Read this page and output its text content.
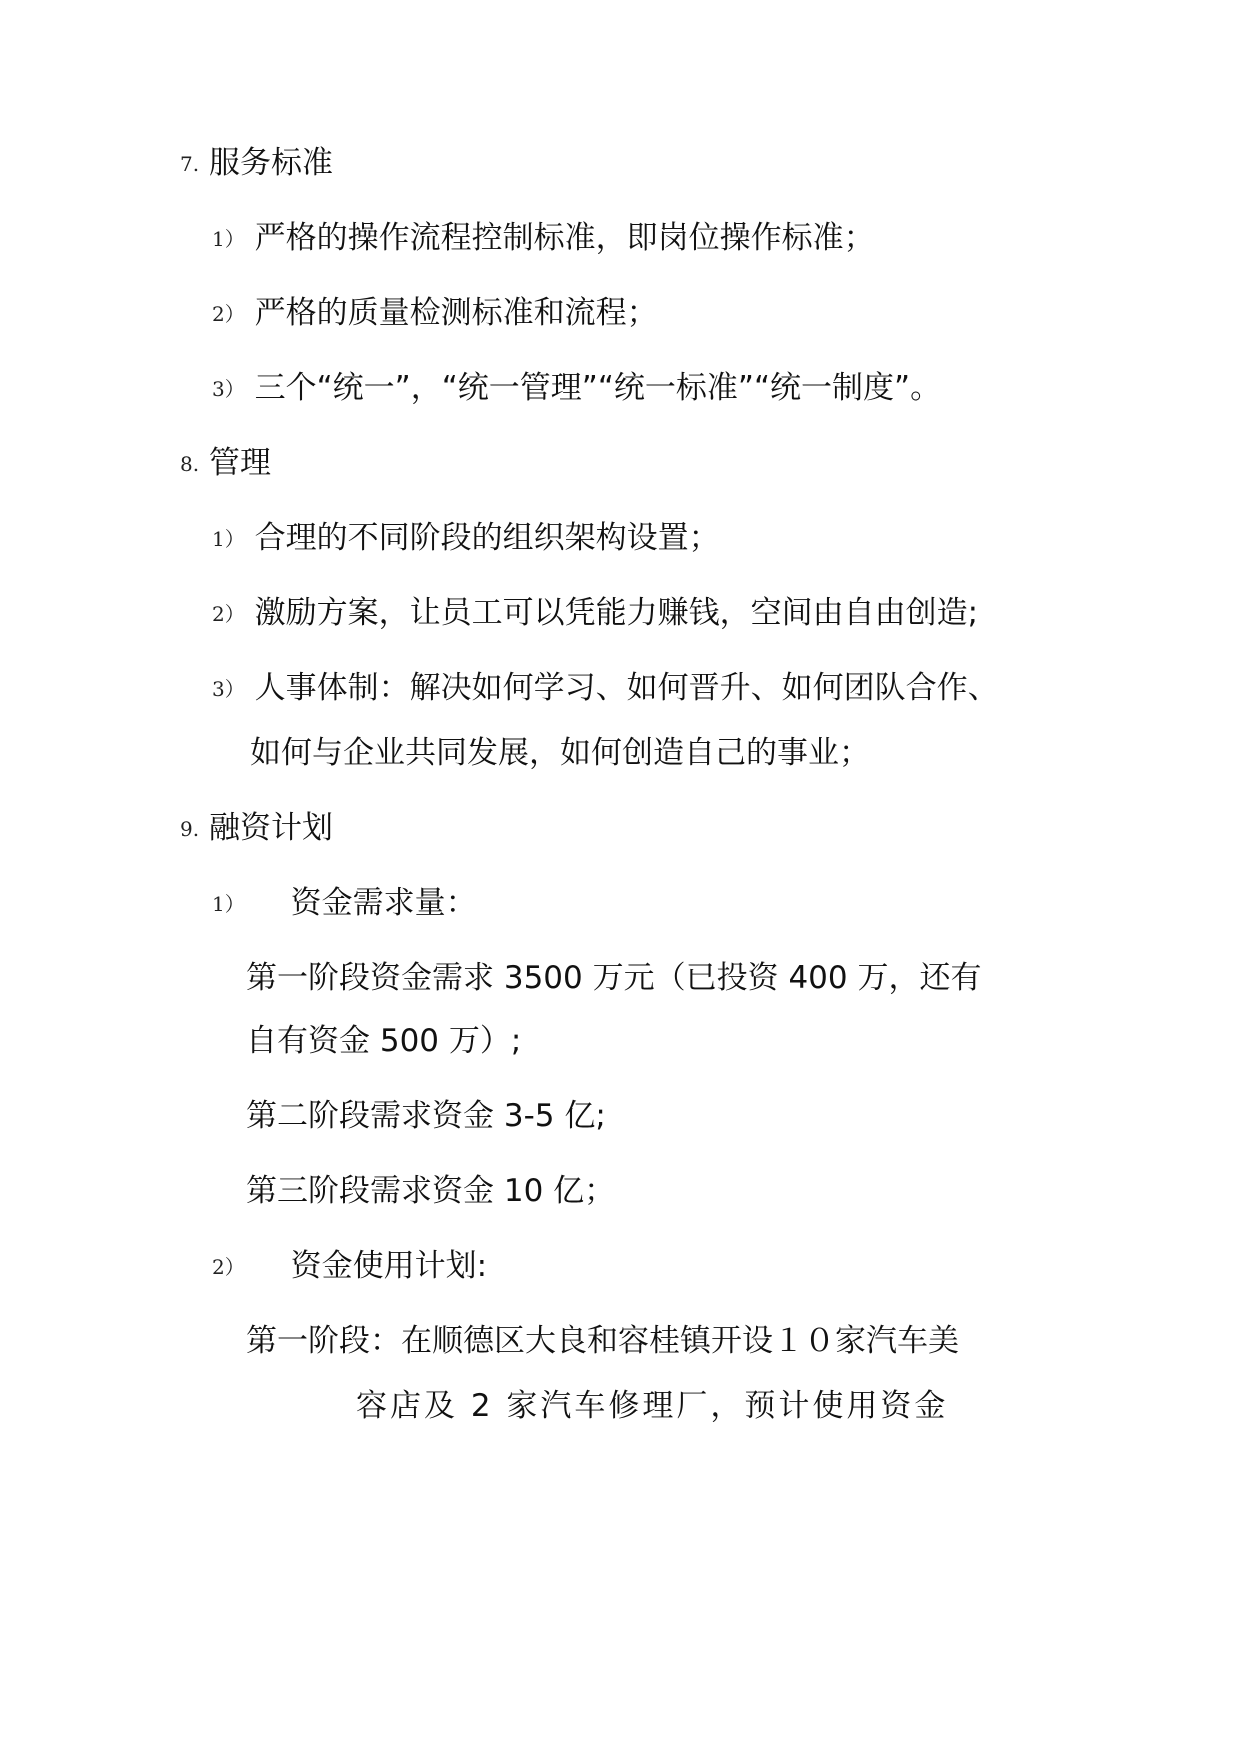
7. 服务标准
1） 严格的操作流程控制标准，即岗位操作标准；
2） 严格的质量检测标准和流程；
3） 三个“统一”，“统一管理”“统一标准”“统一制度”。
8. 管理
1） 合理的不同阶段的组织架构设置；
2） 激励方案，让员工可以凭能力赚钱，空间由自由创造;
3） 人事体制：解决如何学习、如何晋升、如何团队合作、
如何与企业共同发展，如何创造自己的事业；
9. 融资计划
1） 资金需求量：
第一阶段资金需求 3500 万元（已投资 400 万，还有
自有资金 500 万）;
第二阶段需求资金 3-5 亿;
第三阶段需求资金 10 亿；
2） 资金使用计划:
第一阶段：在顺德区大良和容桂镇开设１０家汽车美
容店及 2 家汽车修理厂，预计使用资金
